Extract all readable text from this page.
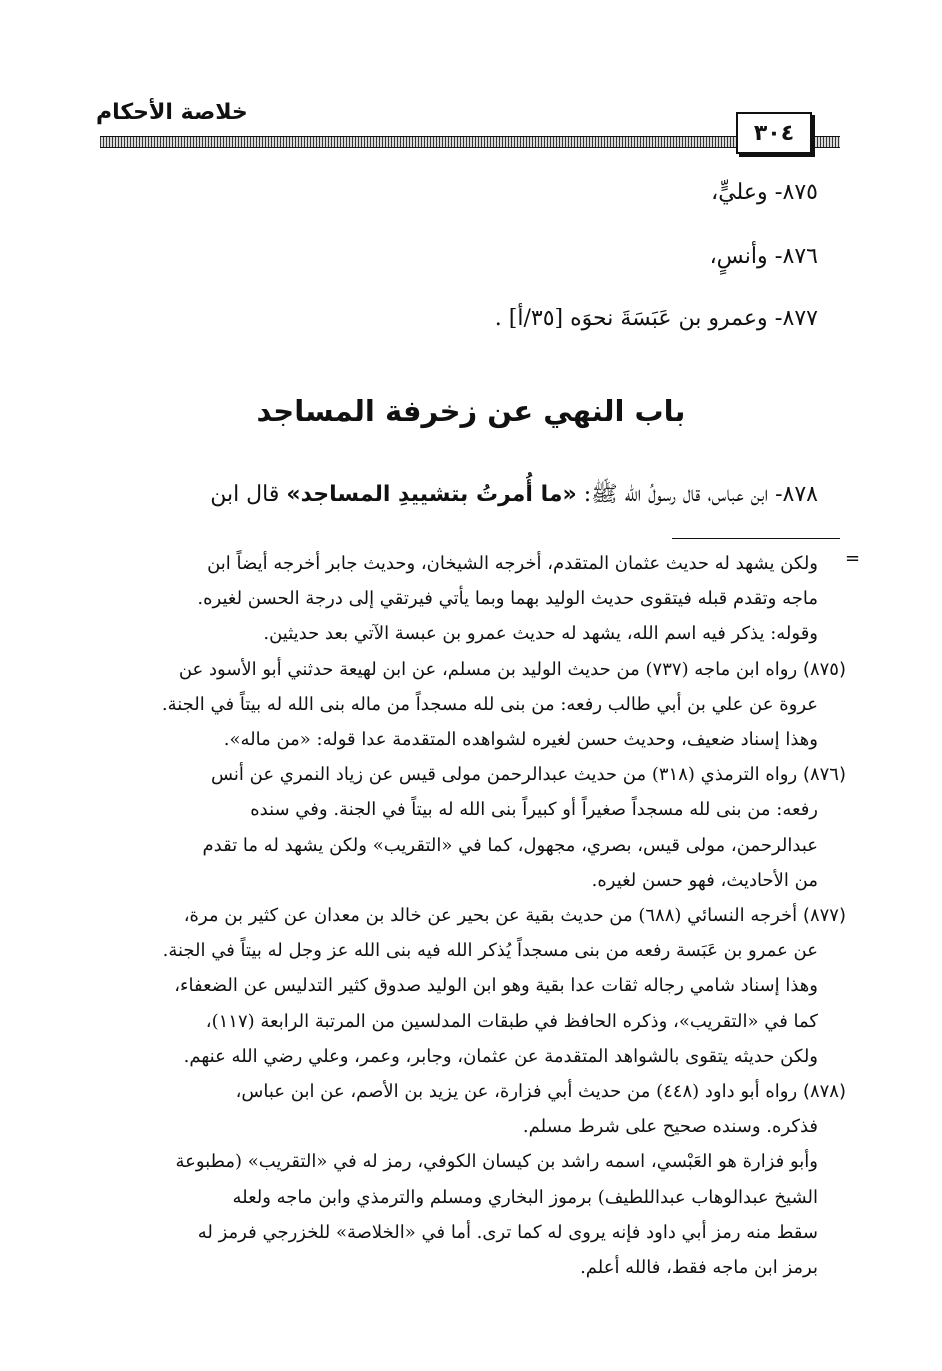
خلاصة الأحكام
٣٠٤
٨٧٥- وعليٍّ،
٨٧٦- وأنسٍ،
٨٧٧- وعمرو بن عَبَسَةَ نحوَه [٣٥/أ] .
باب النهي عن زخرفة المساجد
٨٧٨- ابن عباس، قال رسولُ الله ﷺ: «ما أُمرتُ بتشييدِ المساجد» قال ابن
=
ولكن يشهد له حديث عثمان المتقدم، أخرجه الشيخان، وحديث جابر أخرجه أيضاً ابن
ماجه وتقدم قبله فيتقوى حديث الوليد بهما وبما يأتي فيرتقي إلى درجة الحسن لغيره.
وقوله: يذكر فيه اسم الله، يشهد له حديث عمرو بن عبسة الآتي بعد حديثين.
(٨٧٥) رواه ابن ماجه (٧٣٧) من حديث الوليد بن مسلم، عن ابن لهيعة حدثني أبو الأسود عن
عروة عن علي بن أبي طالب رفعه: من بنى لله مسجداً من ماله بنى الله له بيتاً في الجنة.
وهذا إسناد ضعيف، وحديث حسن لغيره لشواهده المتقدمة عدا قوله: «من ماله».
(٨٧٦) رواه الترمذي (٣١٨) من حديث عبدالرحمن مولى قيس عن زياد النمري عن أنس
رفعه: من بنى لله مسجداً صغيراً أو كبيراً بنى الله له بيتاً في الجنة. وفي سنده
عبدالرحمن، مولى قيس، بصري، مجهول، كما في «التقريب» ولكن يشهد له ما تقدم
من الأحاديث، فهو حسن لغيره.
(٨٧٧) أخرجه النسائي (٦٨٨) من حديث بقية عن بحير عن خالد بن معدان عن كثير بن مرة،
عن عمرو بن عَبَسة رفعه من بنى مسجداً يُذكر الله فيه بنى الله عز وجل له بيتاً في الجنة.
وهذا إسناد شامي رجاله ثقات عدا بقية وهو ابن الوليد صدوق كثير التدليس عن الضعفاء،
كما في «التقريب»، وذكره الحافظ في طبقات المدلسين من المرتبة الرابعة (١١٧)،
ولكن حديثه يتقوى بالشواهد المتقدمة عن عثمان، وجابر، وعمر، وعلي رضي الله عنهم.
(٨٧٨) رواه أبو داود (٤٤٨) من حديث أبي فزارة، عن يزيد بن الأصم، عن ابن عباس،
فذكره. وسنده صحيح على شرط مسلم.
وأبو فزارة هو العَبْسي، اسمه راشد بن كيسان الكوفي، رمز له في «التقريب» (مطبوعة
الشيخ عبدالوهاب عبداللطيف) برموز البخاري ومسلم والترمذي وابن ماجه ولعله
سقط منه رمز أبي داود فإنه يروى له كما ترى. أما في «الخلاصة» للخزرجي فرمز له
برمز ابن ماجه فقط، فالله أعلم.
